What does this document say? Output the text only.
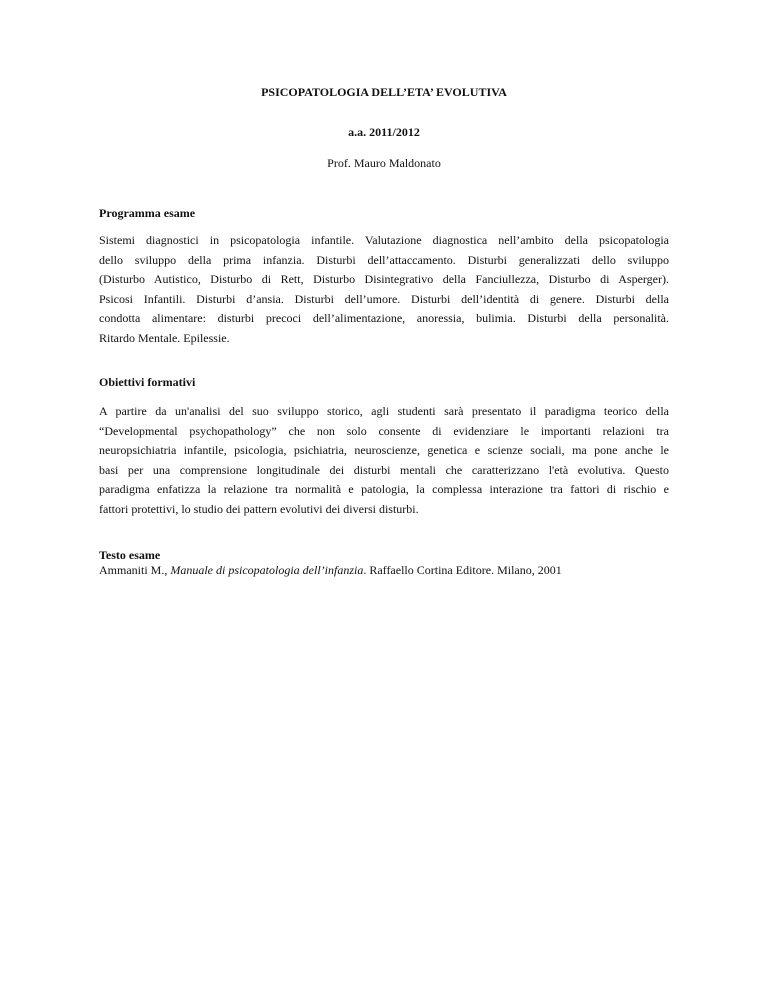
PSICOPATOLOGIA DELL’ETA’ EVOLUTIVA
a.a. 2011/2012
Prof. Mauro Maldonato
Programma esame
Sistemi diagnostici in psicopatologia infantile. Valutazione diagnostica nell’ambito della psicopatologia
dello sviluppo della prima infanzia. Disturbi dell’attaccamento. Disturbi generalizzati dello sviluppo
(Disturbo Autistico, Disturbo di Rett, Disturbo Disintegrativo della Fanciullezza, Disturbo di Asperger).
Psicosi Infantili. Disturbi d’ansia. Disturbi dell’umore. Disturbi dell’identità di genere. Disturbi della
condotta alimentare: disturbi precoci dell’alimentazione, anoressia, bulimia. Disturbi della personalità.
Ritardo Mentale. Epilessie.
Obiettivi formativi
A partire da un'analisi del suo sviluppo storico, agli studenti sarà presentato il paradigma teorico della
“Developmental psychopathology” che non solo consente di evidenziare le importanti relazioni tra
neuropsichiatria infantile, psicologia, psichiatria, neuroscienze, genetica e scienze sociali, ma pone anche le
basi per una comprensione longitudinale dei disturbi mentali che caratterizzano l'età evolutiva. Questo
paradigma enfatizza la relazione tra normalità e patologia, la complessa interazione tra fattori di rischio e
fattori protettivi, lo studio dei pattern evolutivi dei diversi disturbi.
Testo esame
Ammaniti M., Manuale di psicopatologia dell’infanzia. Raffaello Cortina Editore. Milano, 2001
